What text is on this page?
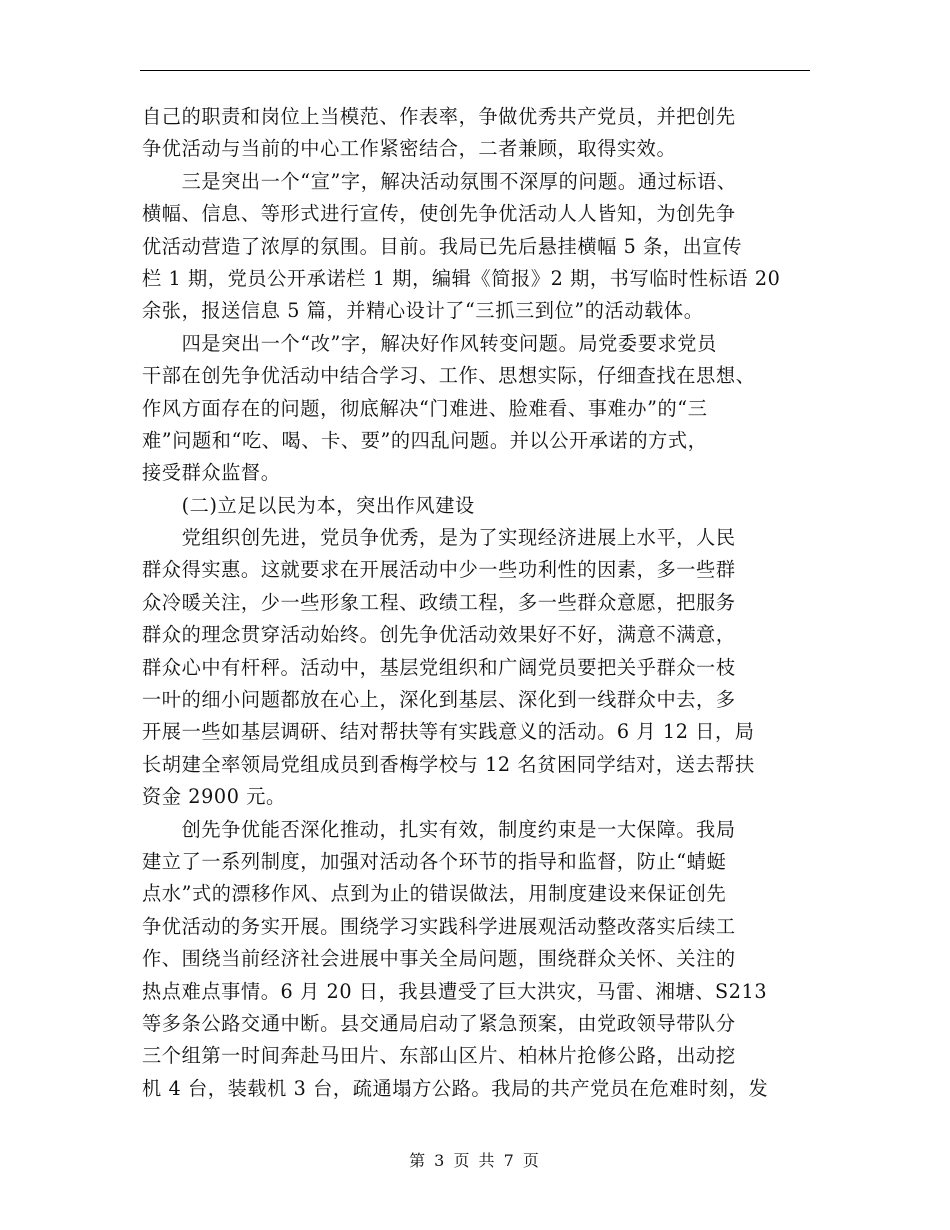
自己的职责和岗位上当模范、作表率，争做优秀共产党员，并把创先
争优活动与当前的中心工作紧密结合，二者兼顾，取得实效。
　　三是突出一个“宣”字，解决活动氛围不深厚的问题。通过标语、
横幅、信息、等形式进行宣传，使创先争优活动人人皆知，为创先争
优活动营造了浓厚的氛围。目前。我局已先后悬挂横幅 5 条，出宣传
栏 1 期，党员公开承诺栏 1 期，编辑《简报》2 期，书写临时性标语 20
余张，报送信息 5 篇，并精心设计了“三抓三到位”的活动载体。
　　四是突出一个“改”字，解决好作风转变问题。局党委要求党员
干部在创先争优活动中结合学习、工作、思想实际，仔细查找在思想、
作风方面存在的问题，彻底解决“门难进、脸难看、事难办”的“三
难”问题和“吃、喝、卡、要”的四乱问题。并以公开承诺的方式，
接受群众监督。
　　(二)立足以民为本，突出作风建设
　　党组织创先进，党员争优秀，是为了实现经济进展上水平，人民
群众得实惠。这就要求在开展活动中少一些功利性的因素，多一些群
众冷暖关注，少一些形象工程、政绩工程，多一些群众意愿，把服务
群众的理念贯穿活动始终。创先争优活动效果好不好，满意不满意，
群众心中有杆秤。活动中，基层党组织和广阔党员要把关乎群众一枝
一叶的细小问题都放在心上，深化到基层、深化到一线群众中去，多
开展一些如基层调研、结对帮扶等有实践意义的活动。6 月 12 日，局
长胡建全率领局党组成员到香梅学校与 12 名贫困同学结对，送去帮扶
资金 2900 元。
　　创先争优能否深化推动，扎实有效，制度约束是一大保障。我局
建立了一系列制度，加强对活动各个环节的指导和监督，防止“蜻蜓
点水”式的漂移作风、点到为止的错误做法，用制度建设来保证创先
争优活动的务实开展。围绕学习实践科学进展观活动整改落实后续工
作、围绕当前经济社会进展中事关全局问题，围绕群众关怀、关注的
热点难点事情。6 月 20 日，我县遭受了巨大洪灾，马雷、湘塘、S213
等多条公路交通中断。县交通局启动了紧急预案，由党政领导带队分
三个组第一时间奔赴马田片、东部山区片、柏林片抢修公路，出动挖
机 4 台，装载机 3 台，疏通塌方公路。我局的共产党员在危难时刻，发
第 3 页 共 7 页
